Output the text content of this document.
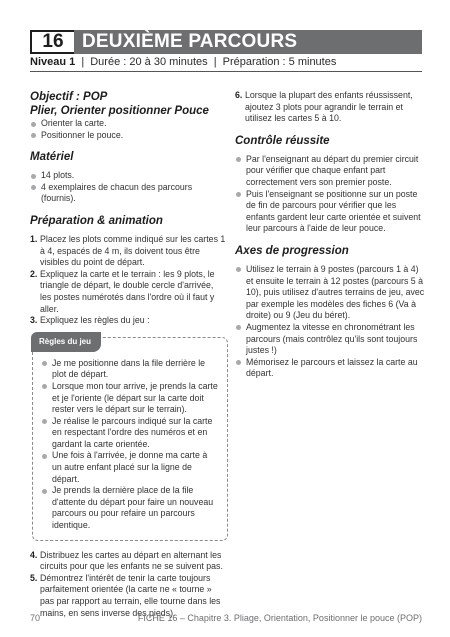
16 DEUXIÈME PARCOURS
Niveau 1 | Durée : 20 à 30 minutes | Préparation : 5 minutes
Objectif : POP
Plier, Orienter positionner Pouce
Orienter la carte.
Positionner le pouce.
Matériel
14 plots.
4 exemplaires de chacun des parcours (fournis).
Préparation & animation
1. Placez les plots comme indiqué sur les cartes 1 à 4, espacés de 4 m, ils doivent tous être visibles du point de départ.
2. Expliquez la carte et le terrain : les 9 plots, le triangle de départ, le double cercle d'arrivée, les postes numérotés dans l'ordre où il faut y aller.
3. Expliquez les règles du jeu :
Règles du jeu
Je me positionne dans la file derrière le plot de départ.
Lorsque mon tour arrive, je prends la carte et je l'oriente (le départ sur la carte doit rester vers le départ sur le terrain).
Je réalise le parcours indiqué sur la carte en respectant l'ordre des numéros et en gardant la carte orientée.
Une fois à l'arrivée, je donne ma carte à un autre enfant placé sur la ligne de départ.
Je prends la dernière place de la file d'attente du départ pour faire un nouveau parcours ou pour refaire un parcours identique.
4. Distribuez les cartes au départ en alternant les circuits pour que les enfants ne se suivent pas.
5. Démontrez l'intérêt de tenir la carte toujours parfaitement orientée (la carte ne « tourne » pas par rapport au terrain, elle tourne dans les mains, en sens inverse des pieds).
6. Lorsque la plupart des enfants réussissent, ajoutez 3 plots pour agrandir le terrain et utilisez les cartes 5 à 10.
Contrôle réussite
Par l'enseignant au départ du premier circuit pour vérifier que chaque enfant part correctement vers son premier poste.
Puis l'enseignant se positionne sur un poste de fin de parcours pour vérifier que les enfants gardent leur carte orientée et suivent leur parcours à l'aide de leur pouce.
Axes de progression
Utilisez le terrain à 9 postes (parcours 1 à 4) et ensuite le terrain à 12 postes (parcours 5 à 10), puis utilisez d'autres terrains de jeu, avec par exemple les modèles des fiches 6 (Va à droite) ou 9 (Jeu du béret).
Augmentez la vitesse en chronométrant les parcours (mais contrôlez qu'ils sont toujours justes !)
Mémorisez le parcours et laissez la carte au départ.
70	FICHE 16 – Chapitre 3. Pliage, Orientation, Positionner le pouce (POP)
